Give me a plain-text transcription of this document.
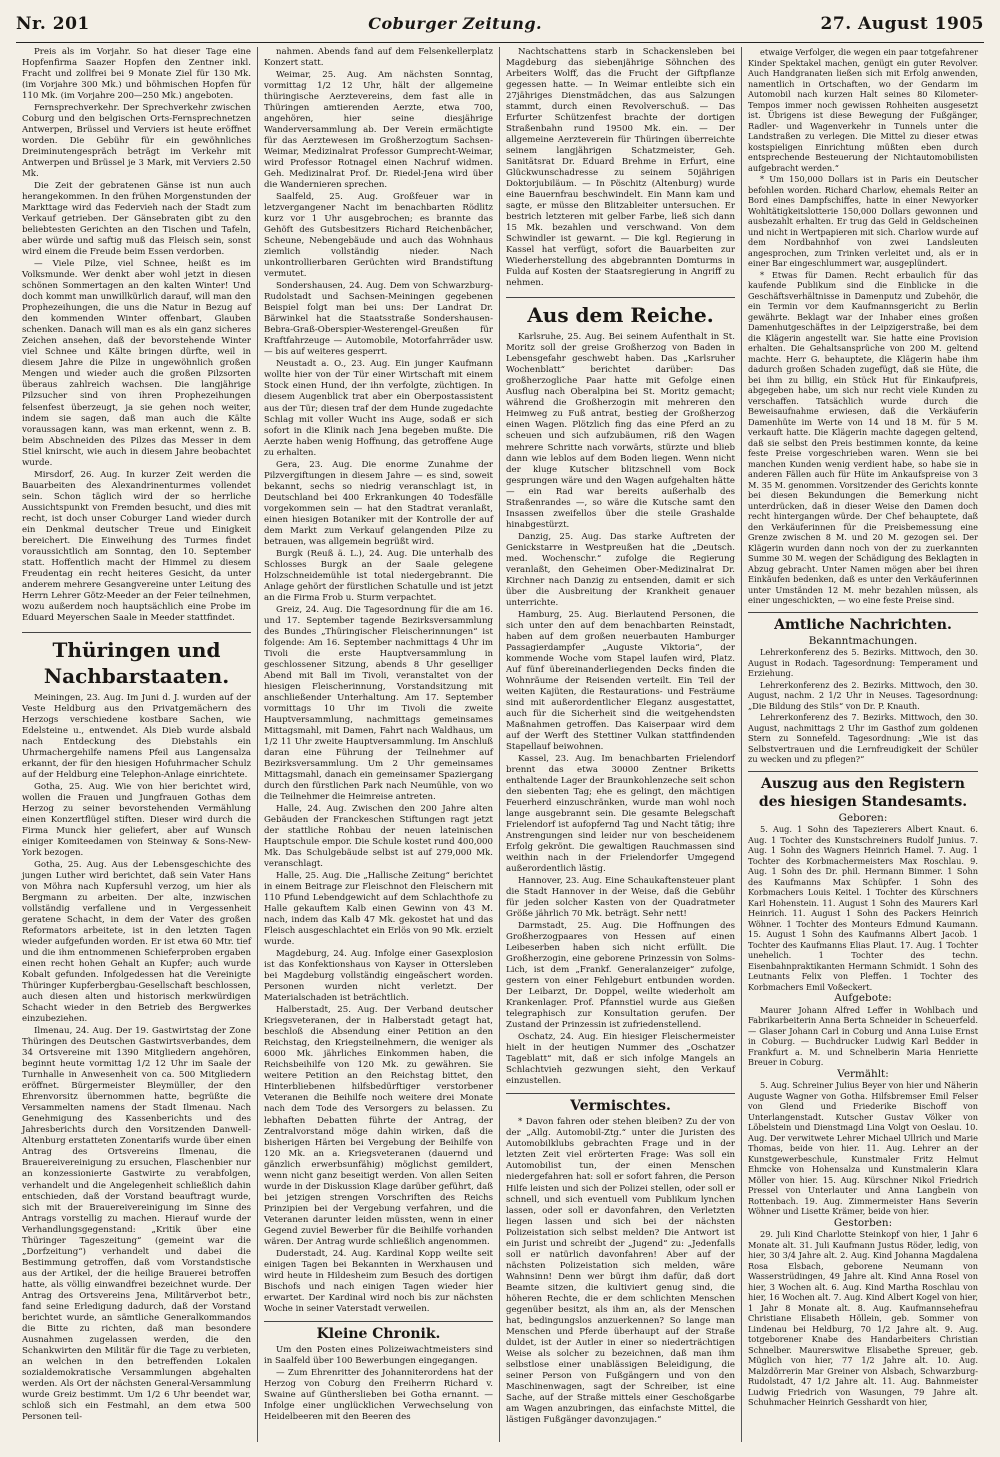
Nr. 201	Coburger Zeitung.	27. August 1905

Preis als im Vorjahr. So hat dieser Tage eine Hopfenfirma Saazer Hopfen den Zentner inkl. Fracht und zollfrei bei 9 Monate Ziel für 130 Mk. (im Vorjahre 300 Mk.) und böhmischen Hopfen für 110 Mk. (im Vorjahre 200—250 Mk.) angeboten.

Fernsprechverkehr. Der Sprechverkehr zwischen Coburg und den belgischen Orts-Fernsprechnetzen Antwerpen, Brüssel und Verviers ist heute eröffnet worden. Die Gebühr für ein gewöhnliches Dreiminutengespräch beträgt im Verkehr mit Antwerpen und Brüssel je 3 Mark, mit Verviers 2.50 Mk.

Die Zeit der gebratenen Gänse ist nun auch herangekommen. In den frühen Morgenstunden der Markttage wird das Federvieh nach der Stadt zum Verkauf getrieben. Der Gänsebraten gibt zu den beliebtesten Gerichten an den Tischen und Tafeln, aber würde und saftig muß das Fleisch sein, sonst wird einem die Freude beim Essen verdorben.

— Viele Pilze, viel Schnee, heißt es im Volksmunde. Wer denkt aber wohl jetzt in diesen schönen Sommertagen an den kalten Winter! Und doch kommt man unwillkürlich darauf, will man den Prophezeihungen, die uns die Natur in Bezug auf den kommenden Winter offenbart, Glauben schenken. Danach will man es als ein ganz sicheres Zeichen ansehen, daß der bevorstehende Winter viel Schnee und Kälte bringen dürfte, weil in diesem Jahre die Pilze in ungewöhnlich großen Mengen und wieder auch die großen Pilzsorten überaus zahlreich wachsen. Die langjährige Pilzsucher sind von ihren Prophezeihungen felsenfest überzeugt, ja sie gehen noch weiter, indem sie sagen, daß man auch die Kälte voraussagen kann, was man erkennt, wenn z. B. beim Abschneiden des Pilzes das Messer in dem Stiel knirscht, wie auch in diesem Jahre beobachtet wurde.

Mirsdorf, 26. Aug. In kurzer Zeit werden die Bauarbeiten des Alexandrinenturmes vollendet sein. Schon täglich wird der so herrliche Aussichtspunkt von Fremden besucht, und dies mit recht, ist doch unser Coburger Land wieder durch ein Denkmal deutscher Treue und Einigkeit bereichert. Die Einweihung des Turmes findet voraussichtlich am Sonntag, den 10. September statt. Hoffentlich macht der Himmel zu diesem Freudentag ein recht heiteres Gesicht, da unter anderem mehrere Gesangvereine unter Leitung des Herrn Lehrer Götz-Meeder an der Feier teilnehmen, wozu außerdem noch hauptsächlich eine Probe im Eduard Meyerschen Saale in Meeder stattfindet.

Thüringen und Nachbarstaaten.

Meiningen, 23. Aug. Im Juni d. J. wurden auf der Veste Heldburg aus den Privatgemächern des Herzogs verschiedene kostbare Sachen, wie Edelsteine u., entwendet. Als Dieb wurde alsbald nach Entdeckung des Diebstahls ein Uhrmachergehilfe namens Pfeil aus Langensalza erkannt, der für den hiesigen Hofuhrmacher Schulz auf der Heldburg eine Telephon-Anlage einrichtete.

Gotha, 25. Aug. Wie von hier berichtet wird, wollen die Frauen und Jungfrauen Gothas dem Herzog zu seiner bevorstehenden Vermählung einen Konzertflügel stiften. Dieser wird durch die Firma Munck hier geliefert, aber auf Wunsch einiger Komiteedamen von Steinway & Sons-New-York bezogen.

Gotha, 25. Aug. Aus der Lebensgeschichte des jungen Luther wird berichtet, daß sein Vater Hans von Möhra nach Kupfersuhl verzog, um hier als Bergmann zu arbeiten. Der alte, inzwischen vollständig verfallene und in Vergessenheit geratene Schacht, in dem der Vater des großen Reformators arbeitete, ist in den letzten Tagen wieder aufgefunden worden. Er ist etwa 60 Mtr. tief und die ihm entnommenen Schieferproben ergaben einen recht hohen Gehalt an Kupfer; auch wurde Kobalt gefunden. Infolgedessen hat die Vereinigte Thüringer Kupferbergbau-Gesellschaft beschlossen, auch diesen alten und historisch merkwürdigen Schacht wieder in den Betrieb des Bergwerkes einzubeziehen.

Ilmenau, 24. Aug. Der 19. Gastwirtstag der Zone Thüringen des Deutschen Gastwirtsverbandes, dem 34 Ortsvereine mit 1390 Mitgliedern angehören, beginnt heute vormittag 1/2 12 Uhr im Saale der Turnhalle in Anwesenheit von ca. 500 Mitgliedern eröffnet. Bürgermeister Bleymüller, der den Ehrenvorsitz übernommen hatte, begrüßte die Versammelten namens der Stadt Ilmenau. Nach Genehmigung des Kassenberichts und des Jahresberichts durch den Vorsitzenden Danwell-Altenburg erstatteten Zonentarifs wurde über einen Antrag des Ortsvereins Ilmenau, die Brauereivereinigung zu ersuchen, Flaschenbier nur an konzessionierte Gastwirte zu verabfolgen, verhandelt und die Angelegenheit schließlich dahin entschieden, daß der Vorstand beauftragt wurde, sich mit der Brauereivereinigung im Sinne des Antrags vorstellig zu machen. Hierauf wurde der Verhandlungsgegenstand: „Kritik über eine Thüringer Tageszeitung“ (gemeint war die „Dorfzeitung“) verhandelt und dabei die Bestimmung getroffen, daß vom Vorstandstische aus der Artikel, der die heilige Brauerei betroffen hatte, als völlig einwandfrei bezeichnet wurde. Der Antrag des Ortsvereins Jena, Militärverbot betr., fand seine Erledigung dadurch, daß der Vorstand berichtet wurde, an sämtliche Generalkommandos die Bitte zu richten, daß man besondere Ausnahmen zugelassen werden, die den Schankwirten den Militär für die Tage zu verbieten, an welchen in den betreffenden Lokalen sozialdemokratische Versammlungen abgehalten werden. Als Ort der nächsten General-Versammlung wurde Greiz bestimmt. Um 1/2 6 Uhr beendet war, schloß sich ein Festmahl, an dem etwa 500 Personen teil-

nahmen. Abends fand auf dem Felsenkellerplatz Konzert statt.

Weimar, 25. Aug. Am nächsten Sonntag, vormittag 1/2 12 Uhr, hält der allgemeine thüringische Aerztevereins, dem fast alle in Thüringen amtierenden Aerzte, etwa 700, angehören, hier seine diesjährige Wanderversammlung ab. Der Verein ermächtigte für das Aerztewesen im Großherzogtum Sachsen-Weimar, Medizinalrat Professor Gumprecht-Weimar, wird Professor Rotnagel einen Nachruf widmen. Geh. Medizinalrat Prof. Dr. Riedel-Jena wird über die Wandernieren sprechen.

Saalfeld, 25. Aug. Großfeuer war in letzvergangener Nacht im benachbarten Rödlitz kurz vor 1 Uhr ausgebrochen; es brannte das Gehöft des Gutsbesitzers Richard Reichenbächer, Scheune, Nebengebäude und auch das Wohnhaus ziemlich vollständig nieder. Nach unkontrollierbaren Gerüchten wird Brandstiftung vermutet.

Sondershausen, 24. Aug. Dem von Schwarzburg-Rudolstadt und Sachsen-Meiningen gegebenen Beispiel folgt man bei uns: Der Landrat Dr. Bärwinkel hat die Staatsstraße Sondershausen-Bebra-Graß-Oberspier-Westerengel-Greußen für Kraftfahrzeuge — Automobile, Motorfahrräder usw. — bis auf weiteres gesperrt.

Neustadt a. O., 23. Aug. Ein junger Kaufmann wollte hier von der Tür einer Wirtschaft mit einem Stock einen Hund, der ihn verfolgte, züchtigen. In diesem Augenblick trat aber ein Oberpostassistent aus der Tür; diesen traf der dem Hunde zugedachte Schlag mit voller Wucht ins Auge, sodaß er sich sofort in die Klinik nach Jena begeben mußte. Die Aerzte haben wenig Hoffnung, das getroffene Auge zu erhalten.

Gera, 23. Aug. Die enorme Zunahme der Pilzvergiftungen in diesem Jahre — es sind, soweit bekannt, sechs so niedrig veranschlagt ist, in Deutschland bei 400 Erkrankungen 40 Todesfälle vorgekommen sein — hat den Stadtrat veranlaßt, einen hiesigen Botaniker mit der Kontrolle der auf dem Markt zum Verkauf gelangenden Pilze zu betrauen, was allgemein begrüßt wird.

Burgk (Reuß ä. L.), 24. Aug. Die unterhalb des Schlosses Burgk an der Saale gelegene Holzschneidemühle ist total niedergebrannt. Die Anlage gehört der fürstlichen Schatulle und ist jetzt an die Firma Frob u. Sturm verpachtet.

Greiz, 24. Aug. Die Tagesordnung für die am 16. und 17. September tagende Bezirksversammlung des Bundes „Thüringischer Fleischerinnungen“ ist folgende: Am 16. September nachmittags 4 Uhr im Tivoli die erste Hauptversammlung in geschlossener Sitzung, abends 8 Uhr geselliger Abend mit Ball im Tivoli, veranstaltet von der hiesigen Fleischerinnung, Vorstandsitzung mit anschließender Unterhaltung. Am 17. September vormittags 10 Uhr im Tivoli die zweite Hauptversammlung, nachmittags gemeinsames Mittagsmahl, mit Damen, Fahrt nach Waldhaus, um 1/2 11 Uhr zweite Hauptversammlung. Im Anschluß daran eine Führung der Teilnehmer auf Bezirksversammlung. Um 2 Uhr gemeinsames Mittagsmahl, danach ein gemeinsamer Spaziergang durch den fürstlichen Park nach Neumühle, von wo die Teilnehmer die Heimreise antreten.

Halle, 24. Aug. Zwischen den 200 Jahre alten Gebäuden der Franckeschen Stiftungen ragt jetzt der stattliche Rohbau der neuen lateinischen Hauptschule empor. Die Schule kostet rund 400,000 Mk. Das Schulgebäude selbst ist auf 279,000 Mk. veranschlagt.

Halle, 25. Aug. Die „Hallische Zeitung“ berichtet in einem Beitrage zur Fleischnot den Fleischern mit 110 Pfund Lebendgewicht auf dem Schlachthofe zu Halle gekauftem Kalb einen Gewinn von 43 M. nach, indem das Kalb 47 Mk. gekostet hat und das Fleisch ausgeschlachtet ein Erlös von 90 Mk. erzielt wurde.

Magdeburg, 24. Aug. Infolge einer Gasexplosion ist das Konfektionshaus von Kayser in Ottersleben bei Magdeburg vollständig eingeäschert worden. Personen wurden nicht verletzt. Der Materialschaden ist beträchtlich.

Halberstadt, 25. Aug. Der Verband deutscher Kriegsveteranen, der in Halberstadt getagt hat, beschloß die Absendung einer Petition an den Reichstag, den Kriegsteilnehmern, die weniger als 6000 Mk. jährliches Einkommen haben, die Reichsbeihilfe von 120 Mk. zu gewähren. Sie weitere Petition an den Reichstag bittet, den Hinterbliebenen hilfsbedürftiger verstorbener Veteranen die Beihilfe noch weitere drei Monate nach dem Tode des Versorgers zu belassen. Zu lebhaften Debatten führte der Antrag, der Zentralvorstand möge dahin wirken, daß die bisherigen Härten bei Vergebung der Beihilfe von 120 Mk. an a. Kriegsveteranen (dauernd und gänzlich erwerbsunfähig) möglichst gemildert, wenn nicht ganz beseitigt werden. Von allen Seiten wurde in der Diskussion Klage darüber geführt, daß bei jetzigen strengen Vorschriften des Reichs Prinzipien bei der Vergebung verfahren, und die Veteranen darunter leiden müssten, wenn in einer Gegend zuviel Bewerber für die Beihilfe vorhanden wären. Der Antrag wurde schließlich angenommen.

Duderstadt, 24. Aug. Kardinal Kopp weilte seit einigen Tagen bei Bekannten in Werxhausen und wird heute in Hildesheim zum Besuch des dortigen Bischofs und nach einigen Tagen wieder hier erwartet. Der Kardinal wird noch bis zur nächsten Woche in seiner Vaterstadt verweilen.

Kleine Chronik.

Um den Posten eines Polizeiwachtmeisters sind in Saalfeld über 100 Bewerbungen eingegangen.

— Zum Ehrenritter des Johanniterordens hat der Herzog von Coburg den Freiherrn Richard v. Swaine auf Güntherslieben bei Gotha ernannt. — Infolge einer unglücklichen Verwechselung von Heidelbeeren mit den Beeren des

Nachtschattens starb in Schackensleben bei Magdeburg das siebenjährige Söhnchen des Arbeiters Wolff, das die Frucht der Giftpflanze gegessen hatte. — In Weimar entleibte sich ein 27jähriges Dienstmädchen, das aus Salzungen stammt, durch einen Revolverschuß. — Das Erfurter Schützenfest brachte der dortigen Straßenbahn rund 19500 Mk. ein. — Der allgemeine Aerzteverein für Thüringen überreichte seinem langjährigen Schatzmeister, Geh. Sanitätsrat Dr. Eduard Brehme in Erfurt, eine Glückwunschadresse zu seinem 50jährigen Doktorjubiläum. — In Pöschitz (Altenburg) wurde eine Bauernfrau beschwindelt. Ein Mann kam und sagte, er müsse den Blitzableiter untersuchen. Er bestrich letzteren mit gelber Farbe, ließ sich dann 15 Mk. bezahlen und verschwand. Von dem Schwindler ist gewarnt. — Die kgl. Regierung in Kassel hat verfügt, sofort die Bauarbeiten zur Wiederherstellung des abgebrannten Domturms in Fulda auf Kosten der Staatsregierung in Angriff zu nehmen.

Aus dem Reiche.

Karlsruhe, 25. Aug. Bei seinem Aufenthalt in St. Moritz soll der greise Großherzog von Baden in Lebensgefahr geschwebt haben. Das „Karlsruher Wochenblatt“ berichtet darüber: Das großherzogliche Paar hatte mit Gefolge einen Ausflug nach Oberalpina bei St. Moritz gemacht; während die Großherzogin mit mehreren den Heimweg zu Fuß antrat, bestieg der Großherzog einen Wagen. Plötzlich fing das eine Pferd an zu scheuen und sich aufzubäumen, riß den Wagen mehrere Schritte nach vorwärts, stürzte und blieb dann wie leblos auf dem Boden liegen. Wenn nicht der kluge Kutscher blitzschnell vom Bock gesprungen wäre und den Wagen aufgehalten hätte — ein Rad war bereits außerhalb des Straßenrandes —, so wäre die Kutsche samt den Insassen zweifellos über die steile Grashalde hinabgestürzt.

Danzig, 25. Aug. Das starke Auftreten der Genickstarre in Westpreußen hat die „Deutsch. med. Wochenschr.“ zufolge die Regierung veranlaßt, den Geheimen Ober-Medizinalrat Dr. Kirchner nach Danzig zu entsenden, damit er sich über die Ausbreitung der Krankheit genauer unterrichte.

Hamburg, 25. Aug. Bierlautend Personen, die sich unter den auf dem benachbarten Reinstadt, haben auf dem großen neuerbauten Hamburger Passagierdampfer „Auguste Viktoria“, der kommende Woche vom Stapel laufen wird, Platz. Auf fünf übereinanderliegenden Decks finden die Wohnräume der Reisenden verteilt. Ein Teil der weiten Kajüten, die Restaurations- und Festräume sind mit außerordentlicher Eleganz ausgestattet, auch für die Sicherheit sind die weitgehendsten Maßnahmen getroffen. Das Kaiserpaar wird dem auf der Werft des Stettiner Vulkan stattfindenden Stapellauf beiwohnen.

Kassel, 23. Aug. Im benachbarten Frielendorf brennt das etwa 30000 Zentner Briketts enthaltende Lager der Braunkohlenzeche seit schon den siebenten Tag; ehe es gelingt, den mächtigen Feuerherd einzuschränken, wurde man wohl noch lange ausgebrannt sein. Die gesamte Belegschaft Frielendorf ist aufopfernd Tag und Nacht tätig; ihre Anstrengungen sind leider nur von bescheidenem Erfolg gekrönt. Die gewaltigen Rauchmassen sind weithin nach in der Frielendorfer Umgegend außerordentlich lästig.

Hannover, 23. Aug. Eine Schaukaftensteuer plant die Stadt Hannover in der Weise, daß die Gebühr für jeden solcher Kasten von der Quadratmeter Größe jährlich 70 Mk. beträgt. Sehr nett!

Darmstadt, 25. Aug. Die Hoffnungen des Großherzogpaares von Hessen auf einen Leibeserben haben sich nicht erfüllt. Die Großherzogin, eine geborene Prinzessin von Solms-Lich, ist dem „Frankf. Generalanzeiger“ zufolge, gestern von einer Fehlgeburt entbunden worden. Der Leibarzt, Dr. Doppel, weilte wiederholt am Krankenlager. Prof. Pfannstiel wurde aus Gießen telegraphisch zur Konsultation gerufen. Der Zustand der Prinzessin ist zufriedenstellend.

Oschatz, 24. Aug. Ein hiesiger Fleischermeister hielt in der heutigen Nummer des „Oschatzer Tageblatt“ mit, daß er sich infolge Mangels an Schlachtvieh gezwungen sieht, den Verkauf einzustellen.

Vermischtes.

* Davon fahren oder stehen bleiben? Zu der von der „Allg. Automobil-Ztg.“ unter die Juristen des Automobilklubs gebrachten Frage und in der letzten Zeit viel erörterten Frage: Was soll ein Automobilist tun, der einen Menschen niedergefahren hat: soll er sofort fahren, die Person Hilfe leisten und sich der Polizei stellen, oder soll er schnell, und sich eventuell vom Publikum lynchen lassen, oder soll er davonfahren, den Verletzten liegen lassen und sich bei der nächsten Polizeistation sich selbst melden? Die Antwort ist ein Jurist und schreibt der „Jugend“ zu: „Jedenfalls soll er natürlich davonfahren! Aber auf der nächsten Polizeistation sich melden, wäre Wahnsinn! Denn wer bürgt ihm dafür, daß dort Beamte sitzen, die kultiviert genug sind, die höheren Rechte, die er dem schlichten Menschen gegenüber besitzt, als ihm an, als der Menschen hat, bedingungslos anzuerkennen? So lange man Menschen und Pferde überhaupt auf der Straße duldet, ist der Autler in einer so niederträchtigen Weise als solcher zu bezeichnen, daß man ihm selbstlose einer unablässigen Beleidigung, die seiner Person von Fußgängern und von den Maschinenwagen, sagt der Schreiber, ist eine Sache, auf der Straße mittels einer Geschoßgarbe am Wagen anzubringen, das einfachste Mittel, die lästigen Fußgänger davonzujagen.“

etwaige Verfolger, die wegen ein paar totgefahrener Kinder Spektakel machen, genügt ein guter Revolver. Auch Handgranaten ließen sich mit Erfolg anwenden, namentlich in Ortschaften, wo der Gendarm im Automobil nach kurzen Halt seines 80 Kilometer-Tempos immer noch gewissen Rohheiten ausgesetzt ist. Übrigens ist diese Bewegung der Fußgänger, Radler- und Wagenverkehr in Tunnels unter die Landstraßen zu verlegen. Die Mittel zu dieser etwas kostspieligen Einrichtung müßten eben durch entsprechende Besteuerung der Nichtautomobilisten aufgebracht werden.“

* Um 150,000 Dollars ist in Paris ein Deutscher befohlen worden. Richard Charlow, ehemals Reiter an Bord eines Dampfschiffes, hatte in einer Newyorker Wohltätigkeitslotterie 150,000 Dollars gewonnen und ausbezahlt erhalten. Er trug das Geld in Geldscheinen und nicht in Wertpapieren mit sich. Charlow wurde auf dem Nordbahnhof von zwei Landsleuten angesprochen, zum Trinken verleitet und, als er in einer Bar eingeschlummert war, ausgeplündert.

* Etwas für Damen. Recht erbaulich für das kaufende Publikum sind die Einblicke in die Geschäftsverhältnisse in Damenputz und Zubehör, die ein Termin vor dem Kaufmannsgericht zu Berlin gewährte. Beklagt war der Inhaber eines großen Damenhutgeschäftes in der Leipzigerstraße, bei dem die Klägerin angestellt war. Sie hatte eine Provision erhalten. Die Gehaltsansprüche von 200 M. geltend machte. Herr G. behauptete, die Klägerin habe ihm dadurch großen Schaden zugefügt, daß sie Hüte, die bei ihm zu billig, ein Stück Hut für Einkaufpreis, abgegeben habe, um sich nur recht viele Kunden zu verschaffen. Tatsächlich wurde durch die Beweisaufnahme erwiesen, daß die Verkäuferin Damenhüte im Werte von 14 und 18 M. für 5 M. verkauft hatte. Die Klägerin machte dagegen geltend, daß sie selbst den Preis bestimmen konnte, da keine feste Preise vorgeschrieben waren. Wenn sie bei manchen Kunden wenig verdient habe, so habe sie in anderen Fällen auch für Hüte im Ankaufspreise von 3 M. 35 M. genommen. Vorsitzender des Gerichts konnte bei diesen Bekundungen die Bemerkung nicht unterdrücken, daß in dieser Weise den Damen doch recht hintergangen würde. Der Chef behauptete, daß den Verkäuferinnen für die Preisbemessung eine Grenze zwischen 8 M. und 20 M. gezogen sei. Der Klägerin wurden dann noch von der zu zuerkannten Summe 30 M. wegen der Schädigung des Beklagten in Abzug gebracht. Unter Namen mögen aber bei ihren Einkäufen bedenken, daß es unter den Verkäuferinnen unter Umständen 12 M. mehr bezahlen müssen, als einer ungeschickten, — wo eine feste Preise sind.

Amtliche Nachrichten.
Bekanntmachungen.

Lehrerkonferenz des 5. Bezirks. Mittwoch, den 30. August in Rodach. Tagesordnung: Temperament und Erziehung.

Lehrerkonferenz des 2. Bezirks. Mittwoch, den 30. August, nachm. 2 1/2 Uhr in Neuses. Tagesordnung: „Die Bildung des Stils“ von Dr. P. Knauth.

Lehrerkonferenz des 7. Bezirks. Mittwoch, den 30. August, nachmittags 2 Uhr im Gasthof zum goldenen Stern zu Sonnefeld. Tagesordnung: „Wie ist das Selbstvertrauen und die Lernfreudigkeit der Schüler zu wecken und zu pflegen?“

Auszug aus den Registern des hiesigen Standesamts.
Geboren:

5. Aug. 1 Sohn des Tapezierers Albert Knaut. 6. Aug. 1 Tochter des Kunstschreiners Rudolf Junius. 7. Aug. 1 Sohn des Wagners Heinrich Hamel. 7. Aug. 1 Tochter des Korbmachermeisters Max Roschlau. 9. Aug. 1 Sohn des Dr. phil. Hermann Bimmer. 1 Sohn des Kaufmanns Max Schüpfer. 1 Sohn des Korbmachers Louis Keitel. 1 Tochter des Kürschners Karl Hohenstein. 11. August 1 Sohn des Maurers Karl Heinrich. 11. August 1 Sohn des Packers Heinrich Wöhner. 1 Tochter des Monteurs Edmund Kaumann. 15. August 1 Sohn des Kaufmanns Albert Jacob. 1 Tochter des Kaufmanns Elias Plaut. 17. Aug. 1 Tochter unehelich. 1 Tochter des techn. Eisenbahnpraktikanten Hermann Schmidt. 1 Sohn des Leutnants Felix von Pleffen. 1 Tochter des Korbmachers Emil Voßeckert.

Aufgebote:

Maurer Johann Alfred Leffer in Wohlbach und Fabrikarbeiterin Anna Berta Schneider in Scheuerfeld. — Glaser Johann Carl in Coburg und Anna Luise Ernst in Coburg. — Buchdrucker Ludwig Karl Bedder in Frankfurt a. M. und Schnelberin Maria Henriette Breuer in Coburg.

Vermählt:

5. Aug. Schreiner Julius Beyer von hier und Näherin Auguste Wagner von Gotha. Hilfsbremser Emil Felser von Glend und Friederike Bischoff von Unterlangenstadt. Kutscher Gustav Völker von Löbelstein und Dienstmagd Lina Volgt von Oeslau. 10. Aug. Der verwitwete Lehrer Michael Ullrich und Marie Thomas, beide von hier. 11. Aug. Lehrer an der Kunstgewerbeschule, Kunstmaler Fritz Helmut Ehmcke von Hohensalza und Kunstmalerin Klara Möller von hier. 15. Aug. Kürschner Nikol Friedrich Pressel von Unterlauter und Anna Langbein von Rottenbach. 19. Aug. Zimmermeister Hans Severin Wöhner und Lisette Krämer, beide von hier.

Gestorben:

29. Juli Kind Charlotte Steinkopf von hier, 1 Jahr 6 Monate alt. 31. Juli Kaufmann Justus Röder, ledig, von hier, 30 3/4 Jahre alt. 2. Aug. Kind Johanna Magdalena Rosa Elsbach, geborene Neumann von Wasserstrüdingen, 49 Jahre alt. Kind Anna Rosel von hier, 3 Wochen alt. 6. Aug. Kind Martha Roschlau von hier, 16 Wochen alt. 7. Aug. Kind Albert Kogel von hier, 1 Jahr 8 Monate alt. 8. Aug. Kaufmannsehefrau Christiane Elisabeth Höllein, geb. Sommer von Lindenau bei Heldburg, 70 1/2 Jahre alt. 9. Aug. totgeborener Knabe des Handarbeiters Christian Schnelber. Maurerswitwe Elisabethe Spreuer, geb. Müglich von hier, 77 1/2 Jahre alt. 10. Aug. Malzdörrerin Mar Greiner von Alsbach, Schwarzburg-Rudolstadt, 47 1/2 Jahre alt. 11. Aug. Bahnmeister Ludwig Friedrich von Wasungen, 79 Jahre alt. Schuhmacher Heinrich Gesshardt von hier,
